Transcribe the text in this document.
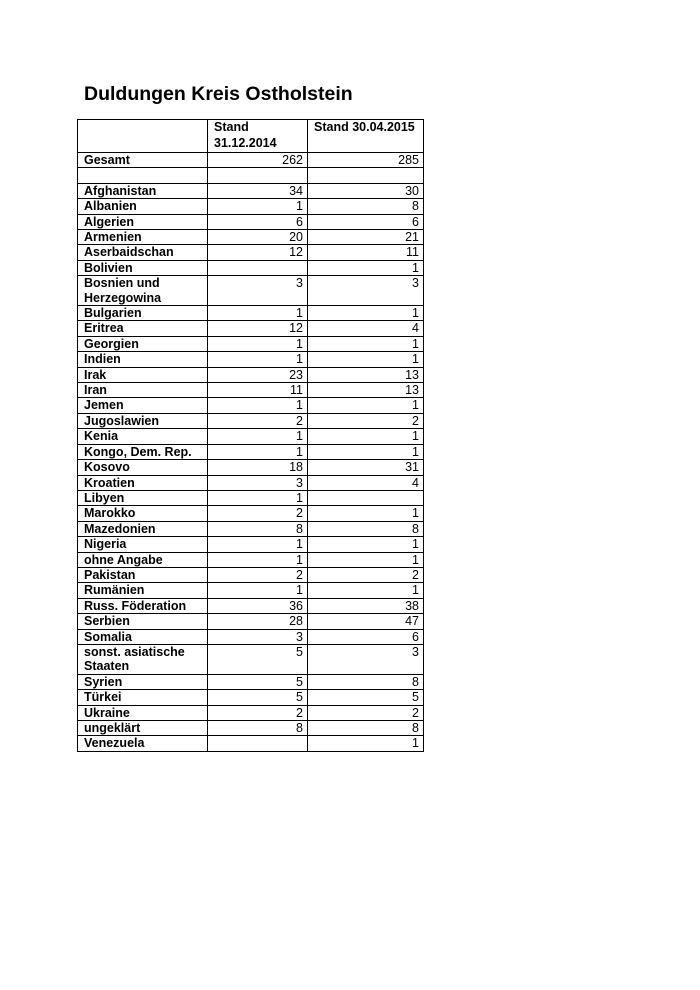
Duldungen Kreis Ostholstein
	Stand 31.12.2014	Stand 30.04.2015
Gesamt	262	285

Afghanistan	34	30
Albanien	1	8
Algerien	6	6
Armenien	20	21
Aserbaidschan	12	11
Bolivien		1
Bosnien und Herzegowina	3	3
Bulgarien	1	1
Eritrea	12	4
Georgien	1	1
Indien	1	1
Irak	23	13
Iran	11	13
Jemen	1	1
Jugoslawien	2	2
Kenia	1	1
Kongo, Dem. Rep.	1	1
Kosovo	18	31
Kroatien	3	4
Libyen	1	
Marokko	2	1
Mazedonien	8	8
Nigeria	1	1
ohne Angabe	1	1
Pakistan	2	2
Rumänien	1	1
Russ. Föderation	36	38
Serbien	28	47
Somalia	3	6
sonst. asiatische Staaten	5	3
Syrien	5	8
Türkei	5	5
Ukraine	2	2
ungeklärt	8	8
Venezuela		1
